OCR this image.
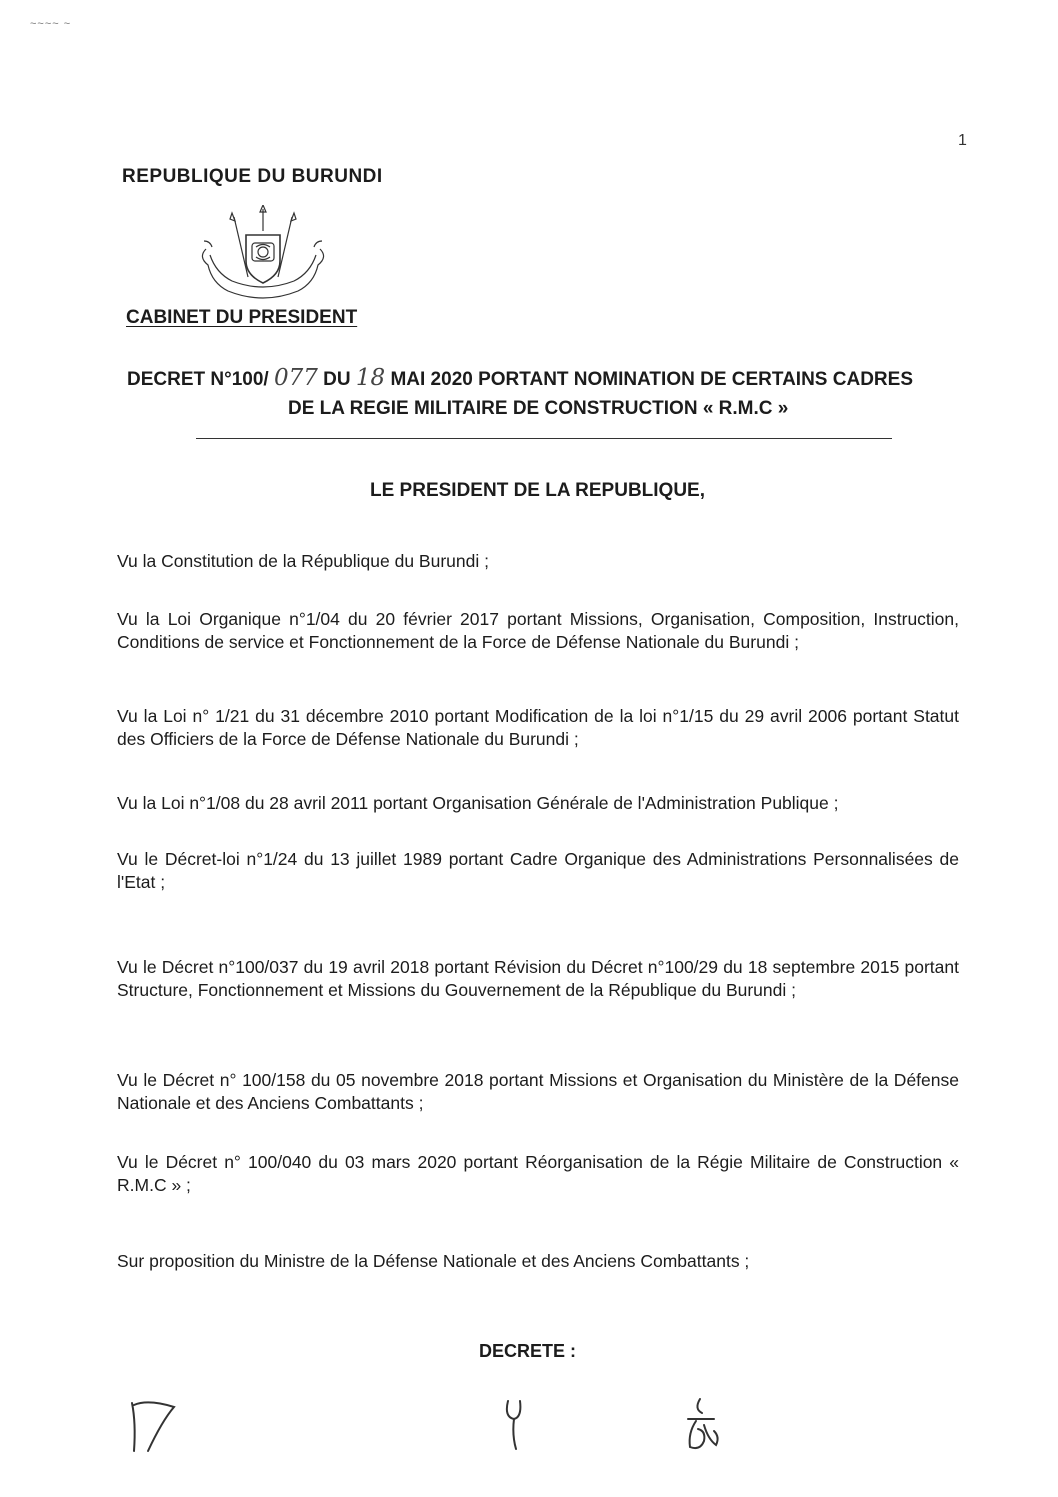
~~~~ ~
1
REPUBLIQUE DU BURUNDI
CABINET DU PRESIDENT
DECRET N°100/ 077 DU 18 MAI 2020 PORTANT NOMINATION DE CERTAINS CADRES
DE LA REGIE MILITAIRE DE CONSTRUCTION « R.M.C »
LE PRESIDENT DE LA REPUBLIQUE,
Vu la Constitution de la République du Burundi ;
Vu la Loi Organique n°1/04 du 20 février 2017 portant Missions, Organisation, Composition, Instruction, Conditions de service et Fonctionnement de la Force de Défense Nationale du Burundi ;
Vu la Loi n° 1/21 du 31 décembre 2010 portant Modification de la loi n°1/15 du 29 avril 2006 portant Statut des Officiers de la Force de Défense Nationale du Burundi ;
Vu la Loi n°1/08 du 28 avril 2011 portant Organisation Générale de l'Administration Publique ;
Vu le Décret-loi n°1/24 du 13 juillet 1989 portant Cadre Organique des Administrations Personnalisées de l'Etat ;
Vu le Décret n°100/037 du 19 avril 2018 portant Révision du Décret n°100/29 du 18 septembre 2015 portant Structure, Fonctionnement et Missions du Gouvernement de la République du Burundi ;
Vu le Décret n° 100/158 du 05 novembre 2018 portant Missions et Organisation du Ministère de la Défense Nationale et des Anciens Combattants ;
Vu le Décret n° 100/040 du 03 mars 2020 portant Réorganisation de la Régie Militaire de Construction « R.M.C » ;
Sur proposition du Ministre de la Défense Nationale et des Anciens Combattants ;
DECRETE :
